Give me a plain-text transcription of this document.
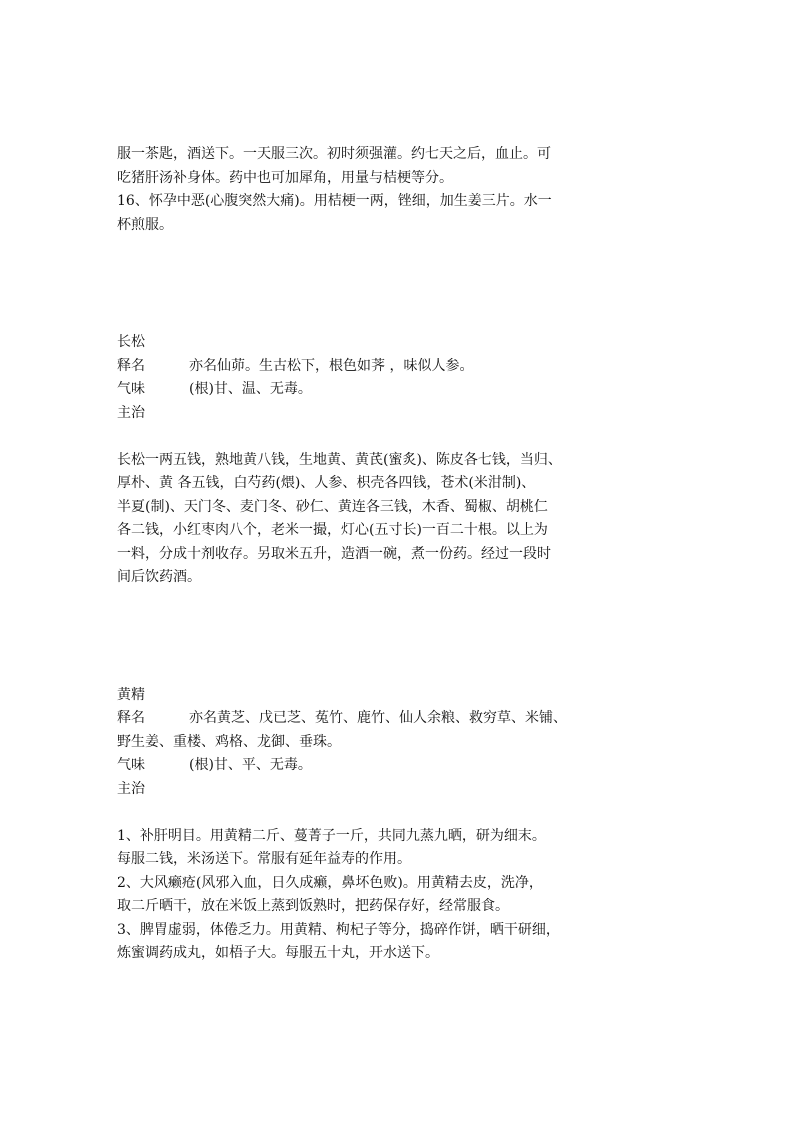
服一茶匙，酒送下。一天服三次。初时须强灌。约七天之后，血止。可
吃猪肝汤补身体。药中也可加犀角，用量与桔梗等分。
16、怀孕中恶(心腹突然大痛)。用桔梗一两，锉细，加生姜三片。水一
杯煎服。
长松
释名	亦名仙茆。生古松下，根色如荠 ，味似人参。
气味	(根)甘、温、无毒。
主治
长松一两五钱，熟地黄八钱，生地黄、黄芪(蜜炙)、陈皮各七钱，当归、
厚朴、黄 各五钱，白芍药(煨)、人参、枳壳各四钱，苍术(米泔制)、
半夏(制)、天门冬、麦门冬、砂仁、黄连各三钱，木香、蜀椒、胡桃仁
各二钱，小红枣肉八个，老米一撮，灯心(五寸长)一百二十根。以上为
一料，分成十剂收存。另取米五升，造酒一碗，煮一份药。经过一段时
间后饮药酒。
黄精
释名	亦名黄芝、戊已芝、菟竹、鹿竹、仙人余粮、救穷草、米铺、
野生姜、重楼、鸡格、龙御、垂珠。
气味	(根)甘、平、无毒。
主治
1、补肝明目。用黄精二斤、蔓菁子一斤，共同九蒸九晒，研为细末。
每服二钱，米汤送下。常服有延年益寿的作用。
2、大风癞疮(风邪入血，日久成癞，鼻坏色败)。用黄精去皮，洗净，
取二斤晒干，放在米饭上蒸到饭熟时，把药保存好，经常服食。
3、脾胃虚弱，体倦乏力。用黄精、枸杞子等分，捣碎作饼，晒干研细，
炼蜜调药成丸，如梧子大。每服五十丸，开水送下。
